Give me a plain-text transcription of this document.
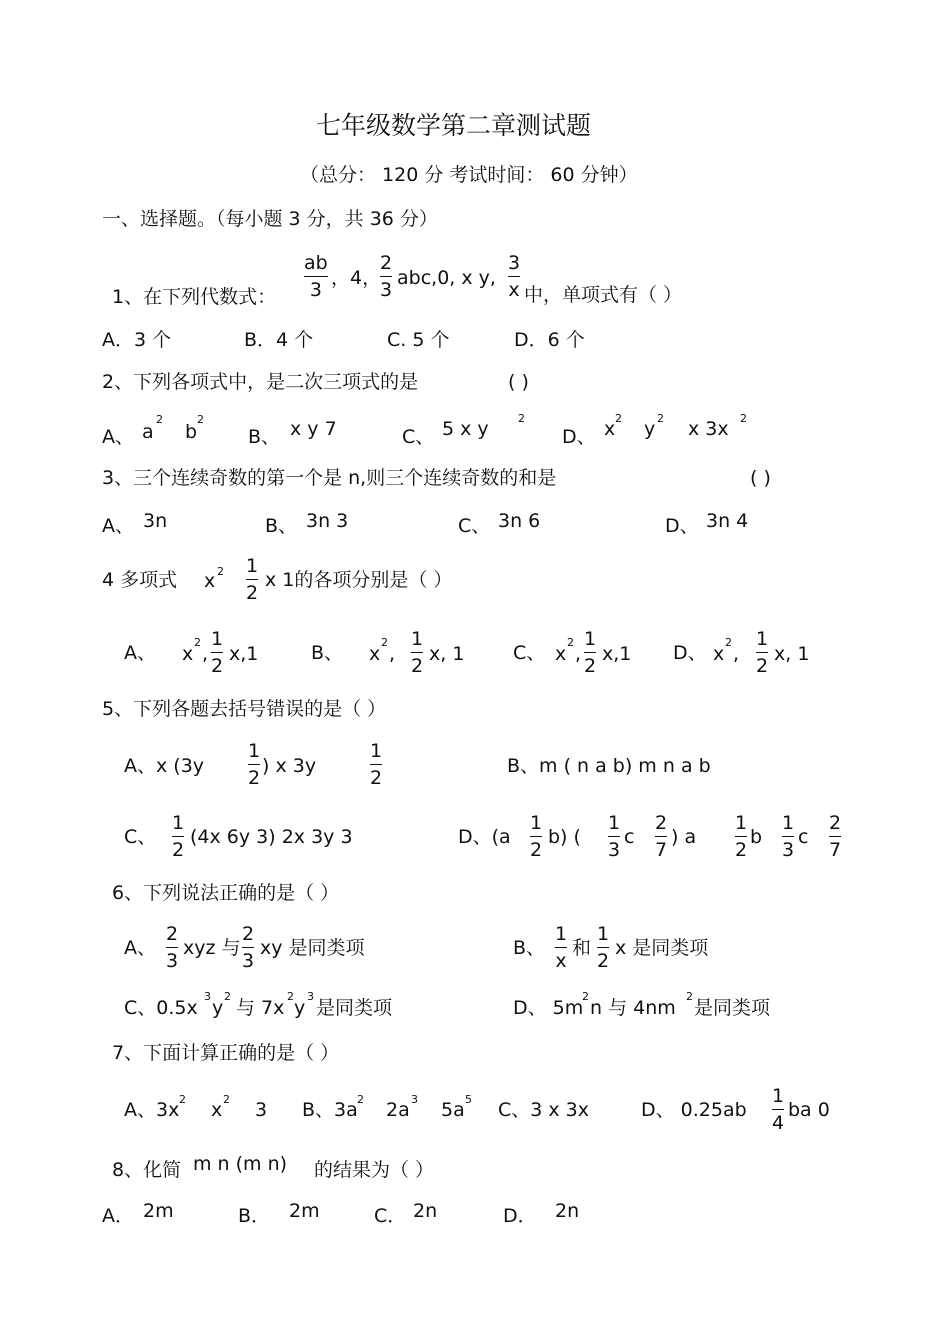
七年级数学第二章测试题
（总分： 120 分 考试时间： 60 分钟）
一、选择题。（每小题 3 分，共 36 分）
1、在下列代数式：
ab
3
，4，
2
3
abc,0, x y,
3
x 中，单项式有（ ）
A．3 个	B．4 个	C. 5 个	D．6 个
2、下列各项式中，是二次三项式的是	( )
A、 a
2
b
2
B、 x y 7	C、 5 x y	2
D、 x 2 y 2 x 3x 2
3、三个连续奇数的第一个是 n,则三个连续奇数的和是	( )
A、 3n	B、 3n 3	C、 3n 6	D、 3n 4
4 多项式 x 2 1
2
x 1的各项分别是（ ）
A、 x
2
,
1
2
x,1	B、 x
2
,
1
2
x, 1	C、 x
2
,
1
2
x,1 D、 x
2
,
1
2
x, 1
5、下列各题去括号错误的是（ ）
A、x (3y
1
2
) x 3y
1
2
B、m ( n a b) m n a b
C、
1
2
(4x 6y 3) 2x 3y 3	D、(a
1
2
b) (
1
3
c
2
7
) a
1
2
b
1
3
c
2
7
6、下列说法正确的是（ ）
A、
2
3
xyz 与
2
3
xy 是同类项	B、
1
x
和
1
2
x 是同类项
C、0.5x
3
y
2
与 7x
2
y
3
是同类项	D、 5m
2
n 与 4nm
2
是同类项
7、下面计算正确的是（ ）
A、3x 2 x 2 3 B、3a 2 2a 3 5a 5 C、3 x 3x	D、 0.25ab
1
4
ba 0
8、化简 m n (m n) 的结果为（ ）
A． 2m	B． 2m	C． 2n	D． 2n
